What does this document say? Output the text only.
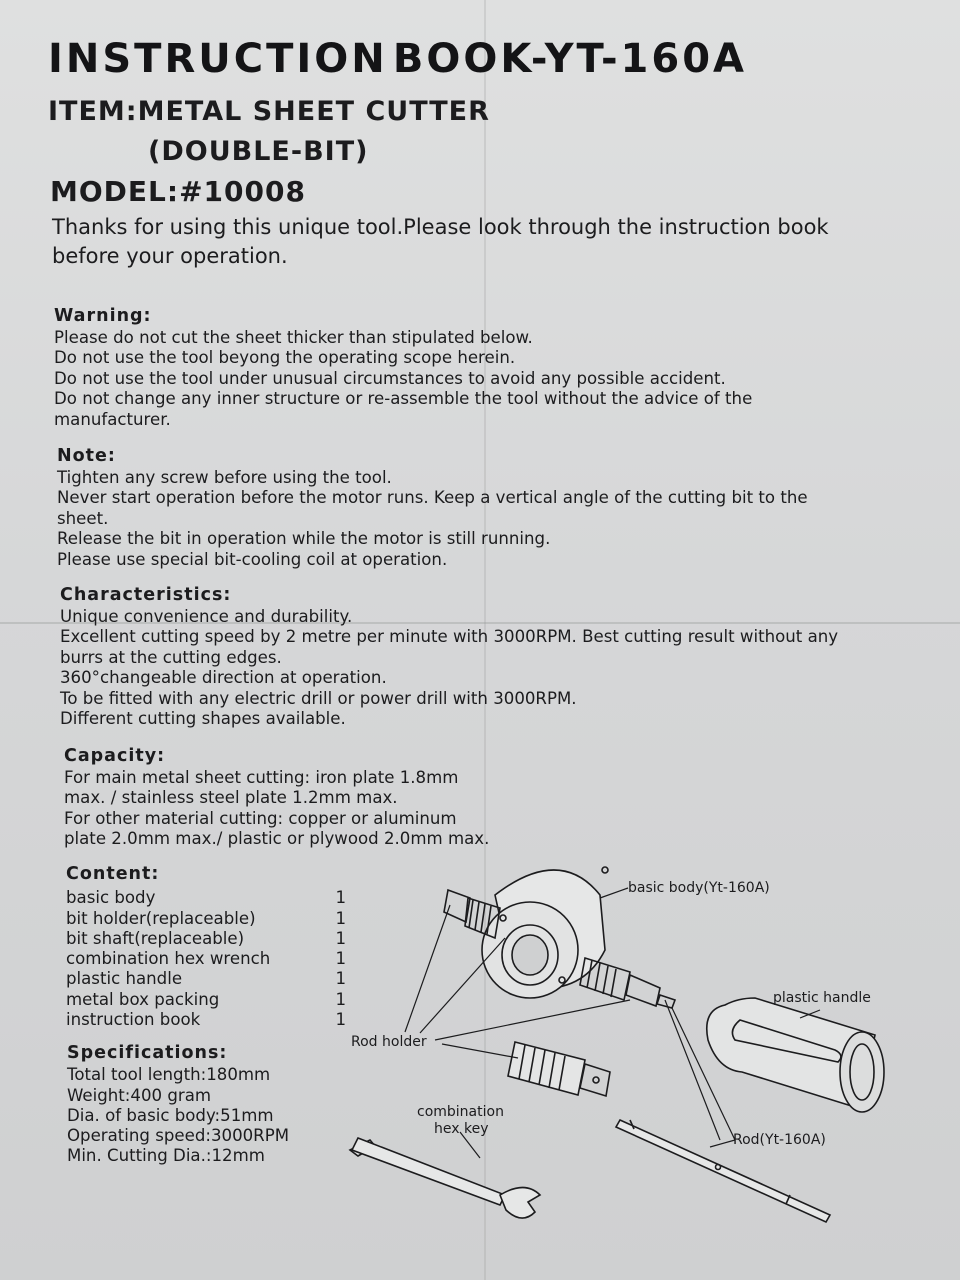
INSTRUCTION BOOK-YT-160A
ITEM:METAL SHEET CUTTER
(DOUBLE-BIT)
MODEL:#10008
Thanks for using this unique tool.Please look through the instruction book before your operation.
Warning:

Please do not cut the sheet thicker than stipulated below.

Do not use the tool beyong the operating scope herein.

Do not use the tool under unusual circumstances to avoid any possible accident.

Do not change any inner structure or re-assemble the tool without the advice of the manufacturer.

Note:

Tighten any screw before using the tool.

Never start operation before the motor runs. Keep a vertical angle of the cutting bit to the sheet.

Release the bit in operation while the motor is still running.

Please use special bit-cooling coil at operation.

Characteristics:

Unique convenience and durability.

Excellent cutting speed by 2 metre per minute with 3000RPM. Best cutting result without any burrs at the cutting edges.

360°changeable direction at operation.

To be fitted with any electric drill or power drill with 3000RPM.

Different cutting shapes available.

Capacity:

For main metal sheet cutting: iron plate 1.8mm

max. / stainless steel plate 1.2mm max.

For other material cutting: copper or aluminum

plate 2.0mm max./ plastic or plywood 2.0mm max.

Content:
basic body	1
bit holder(replaceable)	1
bit shaft(replaceable)	1
combination hex wrench	1
plastic handle	1
metal box packing	1
instruction book	1
Specifications:

Total tool length:180mm

Weight:400 gram

Dia. of basic body:51mm

Operating speed:3000RPM

Min. Cutting Dia.:12mm

basic body(Yt-160A)
plastic handle
Rod holder
combination
hex key
Rod(Yt-160A)
